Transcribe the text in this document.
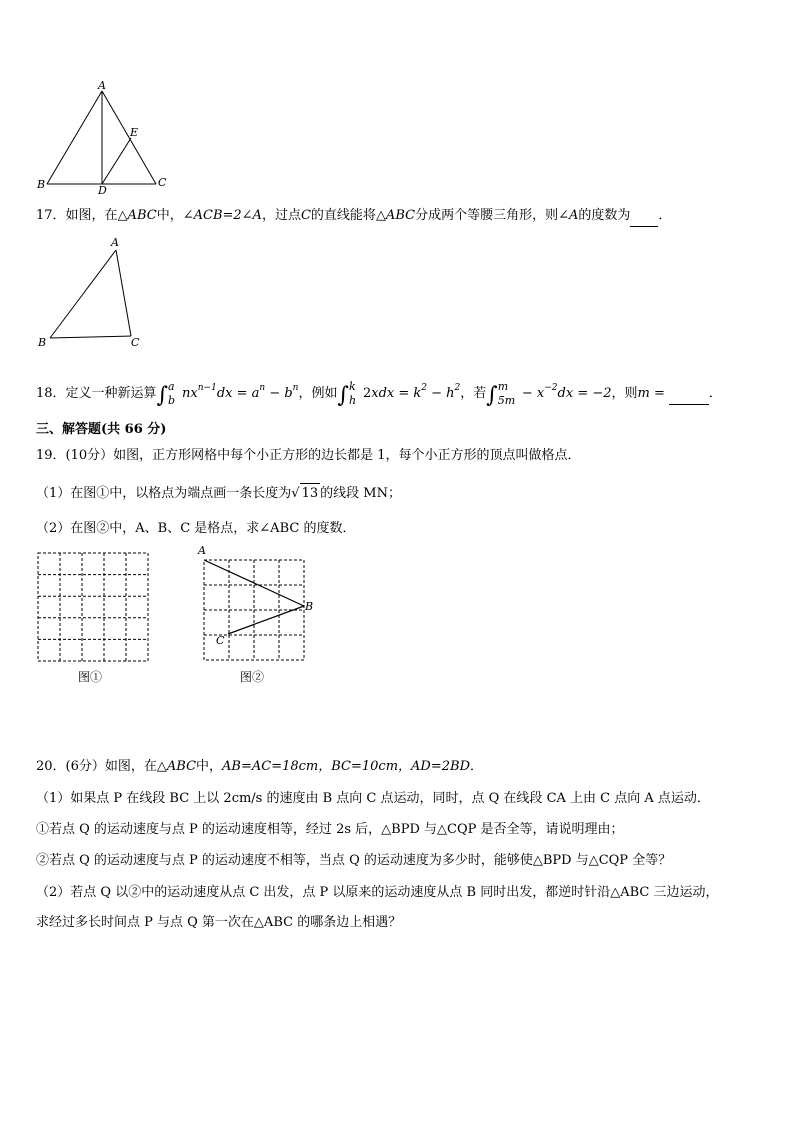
A
B	C
D
E
17．如图，在△ABC中，∠ACB=2∠A，过点C的直线能将△ABC分成两个等腰三角形，则∠A的度数为 ．
A
B	C
18．定义一种新运算∫ a
b $nx^{n-1}dx = a^n - b^n$，例如∫ k
h $2xdx = k^2 - h^2$，若∫ m
$5m - x^{-2}dx = -2$，则m =	．
三、解答题(共 66 分)
19．(10分）如图，正方形网格中每个小正方形的边长都是 1，每个小正方形的顶点叫做格点．
（1）在图①中，以格点为端点画一条长度为√ 13 的线段 MN；
（2）在图②中，A、B、C 是格点，求∠ABC 的度数．
图①
A
B
C
图②
20．(6分）如图，在△ABC中，AB=AC=18cm，BC=10cm，AD=2BD．
（1）如果点 P 在线段 BC 上以 2cm/s 的速度由 B 点向 C 点运动，同时，点 Q 在线段 CA 上由 C 点向 A 点运动．
①若点 Q 的运动速度与点 P 的运动速度相等，经过 2s 后，△BPD 与△CQP 是否全等，请说明理由；
②若点 Q 的运动速度与点 P 的运动速度不相等，当点 Q 的运动速度为多少时，能够使△BPD 与△CQP 全等？
（2）若点 Q 以②中的运动速度从点 C 出发，点 P 以原来的运动速度从点 B 同时出发，都逆时针沿△ABC 三边运动，
求经过多长时间点 P 与点 Q 第一次在△ABC 的哪条边上相遇？
